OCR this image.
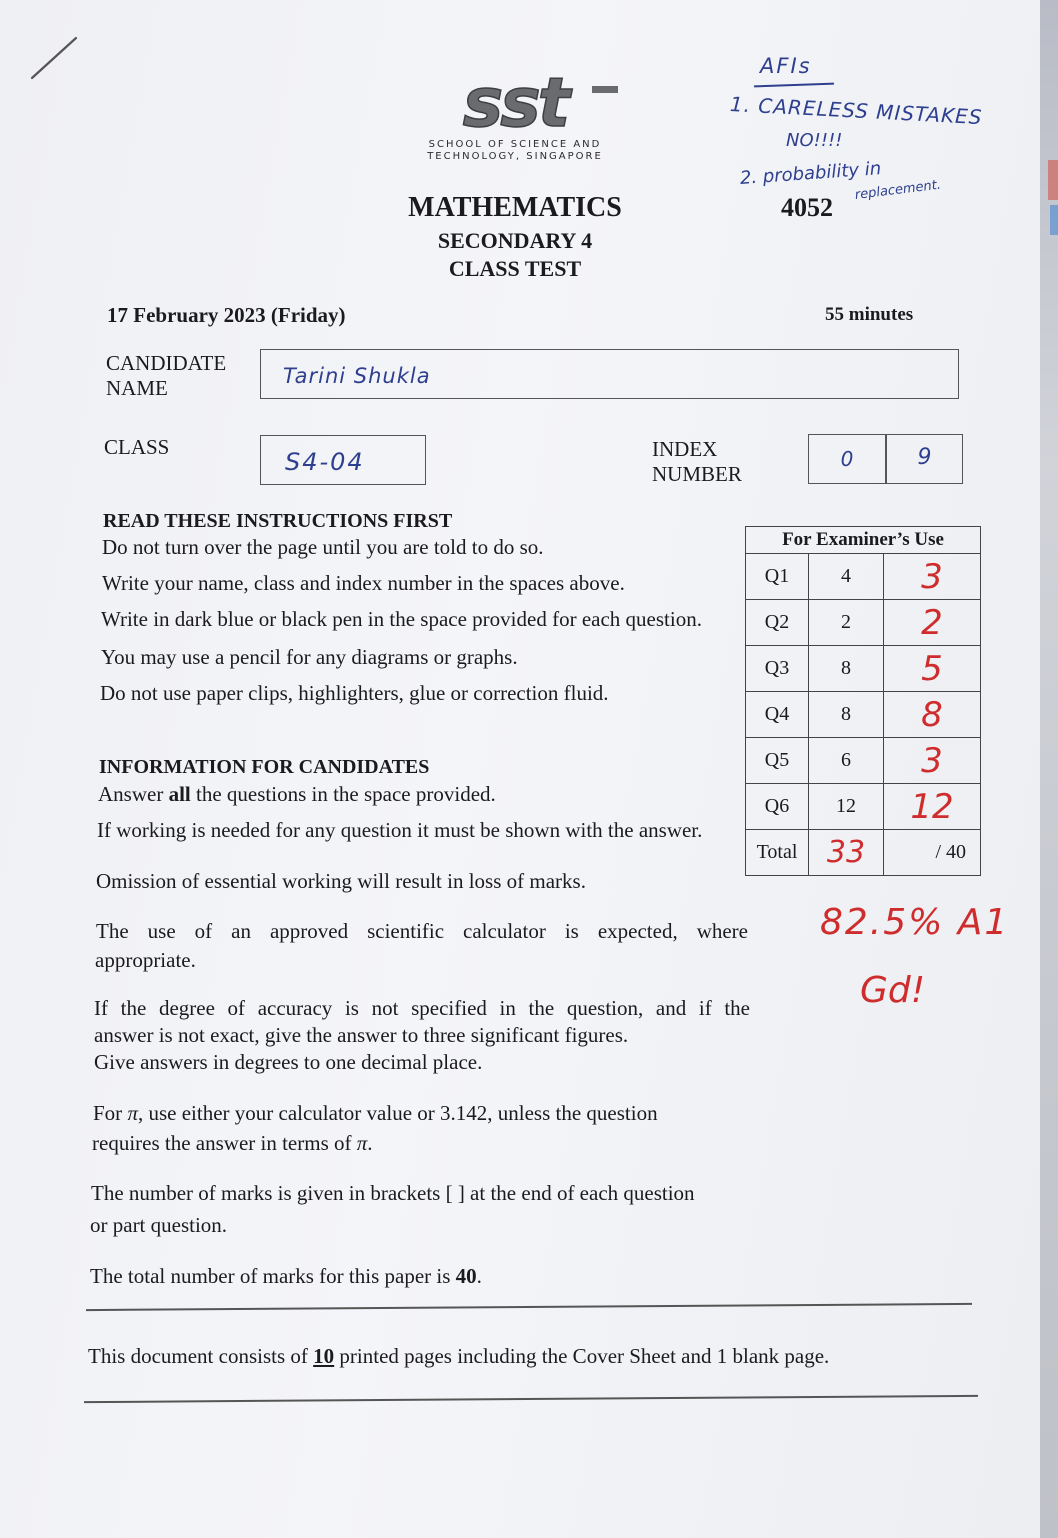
sst
SCHOOL OF SCIENCE AND
TECHNOLOGY, SINGAPORE
MATHEMATICS
SECONDARY 4
CLASS TEST
4052
AFIs
1. CARELESS MISTAKES
NO!!!!
2. probability in
replacement.
17 February 2023 (Friday)	55 minutes
CANDIDATE
NAME	Tarini Shukla
CLASS
S4-04	INDEX
NUMBER
0	9
READ THESE INSTRUCTIONS FIRST
Do not turn over the page until you are told to do so.
Write your name, class and index number in the spaces above.
Write in dark blue or black pen in the space provided for each question.
You may use a pencil for any diagrams or graphs.
Do not use paper clips, highlighters, glue or correction fluid.
INFORMATION FOR CANDIDATES
Answer all the questions in the space provided.
If working is needed for any question it must be shown with the answer.
Omission of essential working will result in loss of marks.
The use of an approved scientific calculator is expected, where
appropriate.
If the degree of accuracy is not specified in the question, and if the
answer is not exact, give the answer to three significant figures.
Give answers in degrees to one decimal place.
For π, use either your calculator value or 3.142, unless the question
requires the answer in terms of π.
The number of marks is given in brackets [ ] at the end of each question
or part question.
The total number of marks for this paper is 40.
This document consists of 10 printed pages including the Cover Sheet and 1 blank page.
For Examiner’s Use		
Q1	4	3
Q2	2	2
Q3	8	5
Q4	8	8
Q5	6	3
Q6	12	12
Total	33	/ 40
82.5% A1
Gd!
